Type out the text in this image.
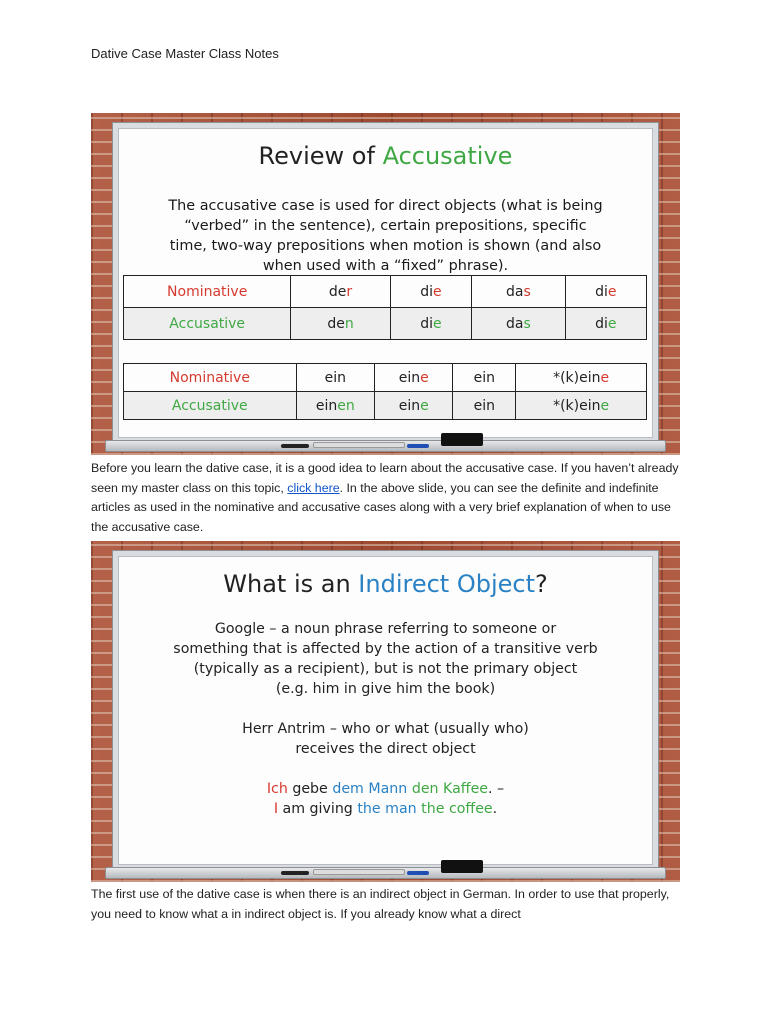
Dative Case Master Class Notes
Review of Accusative
The accusative case is used for direct objects (what is being
“verbed” in the sentence), certain prepositions, specific
time, two-way prepositions when motion is shown (and also
when used with a “fixed” phrase).
Nominative	der	die	das	die
Accusative	den	die	das	die
Nominative	ein	eine	ein	*(k)eine
Accusative	einen	eine	ein	*(k)eine
Before you learn the dative case, it is a good idea to learn about the accusative case. If you haven’t already seen my master class on this topic, click here. In the above slide, you can see the definite and indefinite articles as used in the nominative and accusative cases along with a very brief explanation of when to use the accusative case.
What is an Indirect Object?
Google – a noun phrase referring to someone or
something that is affected by the action of a transitive verb
(typically as a recipient), but is not the primary object
(e.g. him in give him the book)
Herr Antrim – who or what (usually who)
receives the direct object
Ich gebe dem Mann den Kaffee. –
I am giving the man the coffee.
The first use of the dative case is when there is an indirect object in German. In order to use that properly, you need to know what a in indirect object is. If you already know what a direct
